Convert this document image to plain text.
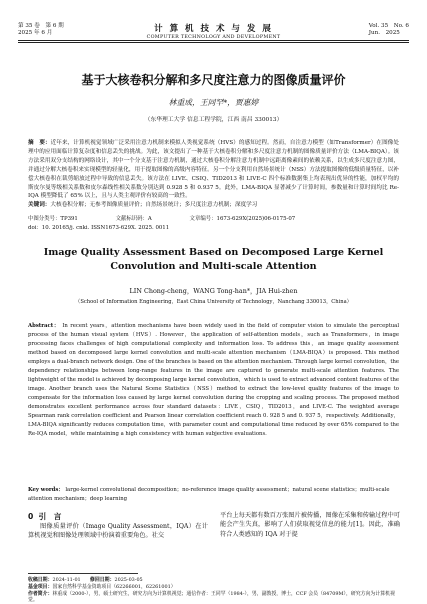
第 35 卷　第 6 期
2025 年 6 月	计 算 机 技 术 与 发 展
COMPUTER TECHNOLOGY AND DEVELOPMENT
Vol. 35　No. 6
Jun.　2025
基于大核卷积分解和多尺度注意力的图像质量评价
林重成，王同罕*，贾惠婷
（东华理工大学 信息工程学院，江西 南昌 330013）
摘　要：近年来，计算机视觉领域广泛采用注意力机制来模拟人类视觉系统（HVS）的感知过程。然而，自注意力模型（如Transformer）在图像处理中的应用面临计算复杂度和信息丢失的挑战。为此，该文提出了一种基于大核卷积分解和多尺度注意力机制的图像质量评价方法（LMA-BIQA）。该方法采用双分支结构的网络设计，其中一个分支基于注意力机制，通过大核卷积分解注意力机制中远距离像素间的依赖关系，以生成多尺度注意力图，并通过分解大核卷积来实现模型的轻量化，用于提取图像的高级内容特征。另一个分支利用自然场景统计（NSS）方法提取图像的低级质量特征，以补偿大核卷积在裁剪缩放过程中导致的信息丢失。该方法在 LIVE、CSIQ、TID2013 和 LIVE-C 四个标准数据集上均表现出优异的性能，加权平均的斯皮尔曼等级相关系数和皮尔森线性相关系数分别达到 0.928 5 和 0.937 5。此外，LMA-BIQA 显著减少了计算时间，参数量和计算时间均比 Re-IQA 模型降低了 65% 以上，且与人类主观评价有较高的一致性。
关键词：大核卷积分解；无参考图像质量评价；自然场景统计；多尺度注意力机制；深度学习
中图分类号：TP391　　　　　　　文献标识码：A　　　　　　　文章编号：1673-629X(2025)06-0175-07
doi：10. 20165/j. cnki. ISSN1673-629X. 2025. 0011
Image Quality Assessment Based on Decomposed Large Kernel
Convolution and Multi-scale Attention
LIN Chong-cheng，WANG Tong-han*，JIA Hui-zhen
（School of Information Engineering，East China University of Technology，Nanchang 330013，China）
Abstract： In recent years，attention mechanisms have been widely used in the field of computer vision to simulate the perceptual process of the human visual system（HVS）. However，the application of self-attention models，such as Transformers，in image processing faces challenges of high computational complexity and information loss. To address this，an image quality assessment method based on decomposed large kernel convolution and multi-scale attention mechanism（LMA-BIQA）is proposed. This method employs a dual-branch network design. One of the branches is based on the attention mechanism. Through large kernel convolution，the dependency relationships between long-range features in the image are captured to generate multi-scale attention features. The lightweight of the model is achieved by decomposing large kernel convolution，which is used to extract advanced content features of the image. Another branch uses the Natural Scene Statistics（NSS）method to extract the low-level quality features of the image to compensate for the information loss caused by large kernel convolution during the cropping and scaling process. The proposed method demonstrates excellent performance across four standard datasets：LIVE，CSIQ，TID2013，and LIVE-C. The weighted average Spearman rank correlation coefficient and Pearson linear correlation coefficient reach 0. 928 5 and 0. 937 5，respectively. Additionally，LMA-BIQA significantly reduces computation time，with parameter count and computational time reduced by over 65% compared to the Re-IQA model，while maintaining a high consistency with human subjective evaluations.
Key words： large-kernel convolutional decomposition；no-reference image quality assessment；natural scene statistics；multi-scale attention mechanism；deep learning
0 引　言
图像质量评价（Image Quality Assessment，IQA）在计算机视觉和图像处理领域中扮演着重要角色。社交
平台上每天都有数百万张图片被传播，图像在采集和传输过程中可能会产生失真，影响了人们获取视觉信息的能力[1]。因此，准确符合人类感知的 IQA 对于提
收稿日期：2024-11-01 修回日期：2025-03-05
基金项目：国家自然科学基金资助项目（62266001，62261001）
作者简介：林重成（2000-），男，硕士研究生，研究方向为计算机视觉；通信作者：王同罕（1984-），男，副教授，博士，CCF 会员（84709M），研究方向为计算机视觉。
